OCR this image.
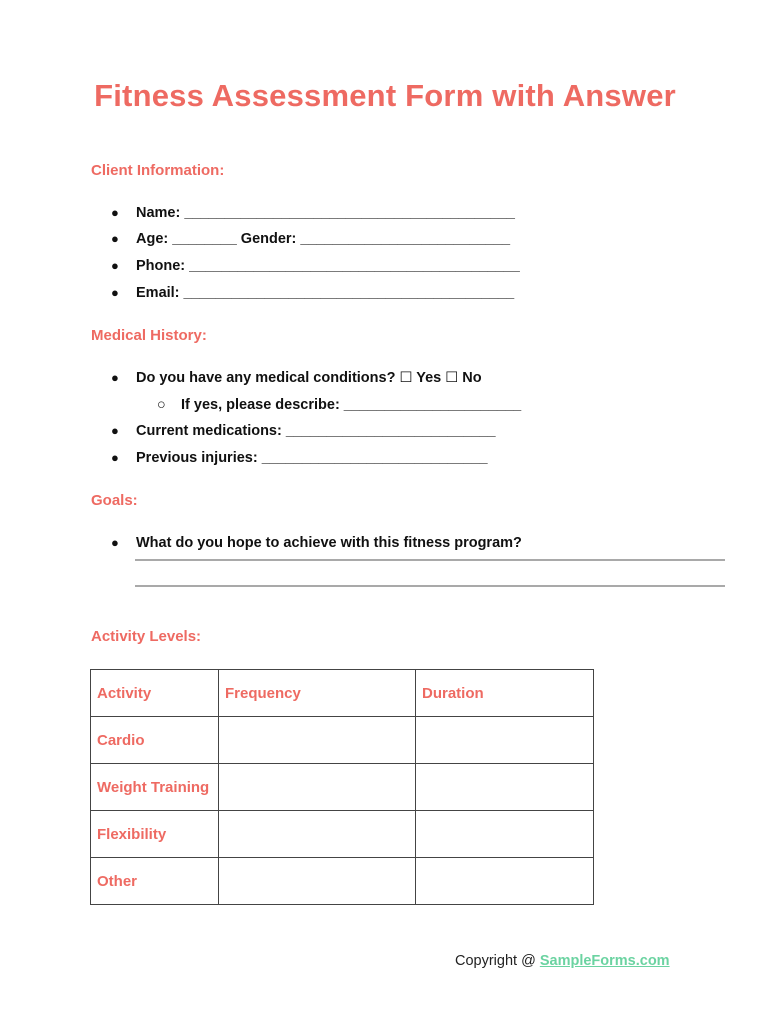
Fitness Assessment Form with Answer
Client Information:
● Name: _________________________________________
● Age: ________ Gender: __________________________
● Phone: _________________________________________
● Email: _________________________________________
Medical History:
● Do you have any medical conditions? ☐ Yes ☐ No
○ If yes, please describe: ______________________
● Current medications: __________________________
● Previous injuries: ____________________________
Goals:
● What do you hope to achieve with this fitness program?
Activity Levels:
Activity	Frequency	Duration
Cardio		
Weight Training		
Flexibility		
Other		
Copyright @ SampleForms.com
